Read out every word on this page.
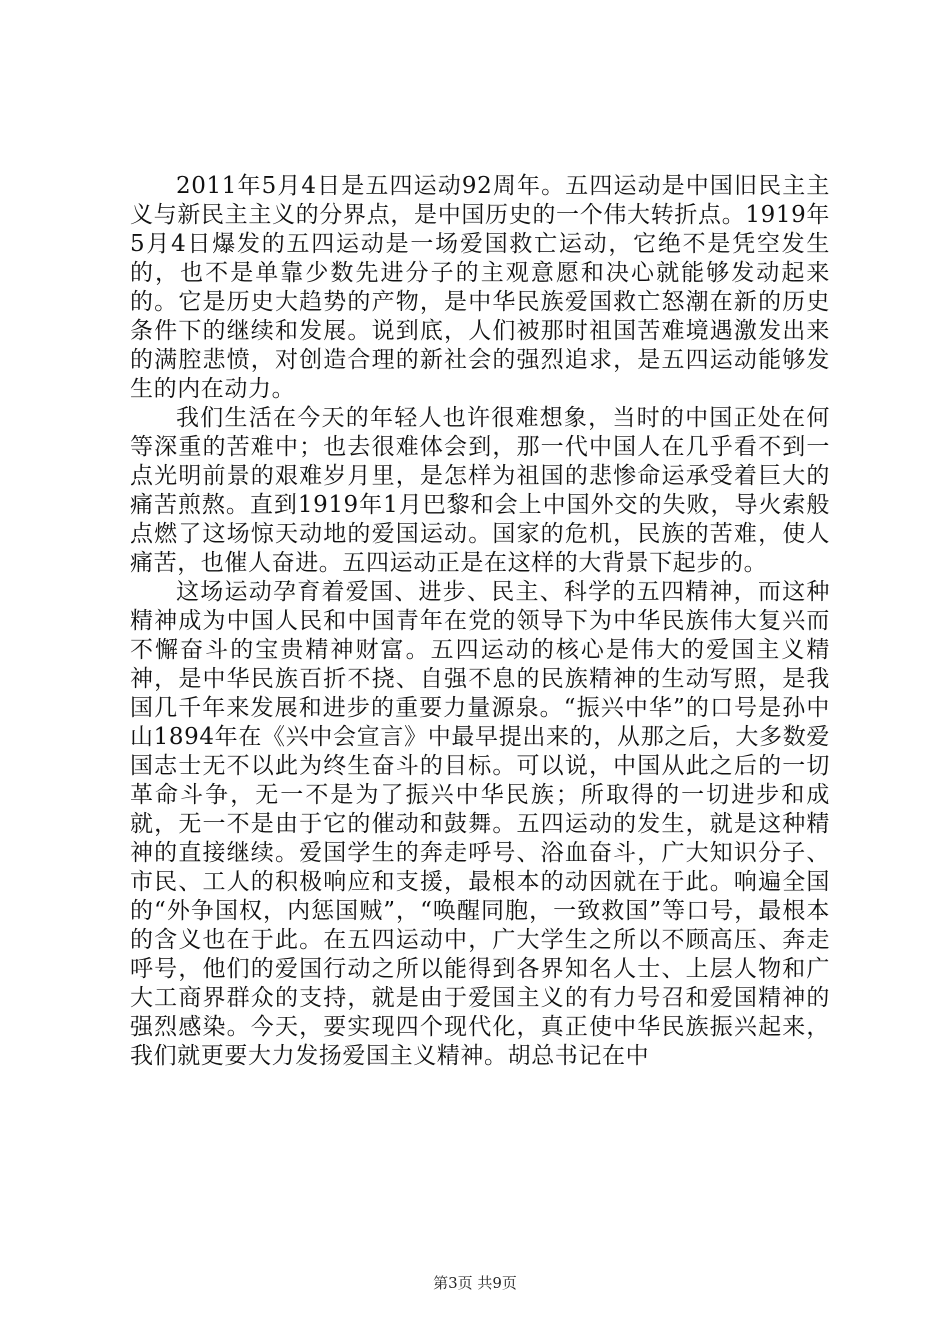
2011年5月4日是五四运动92周年。五四运动是中国旧民主主义与新民主主义的分界点，是中国历史的一个伟大转折点。1919年5月4日爆发的五四运动是一场爱国救亡运动，它绝不是凭空发生的，也不是单靠少数先进分子的主观意愿和决心就能够发动起来的。它是历史大趋势的产物，是中华民族爱国救亡怒潮在新的历史条件下的继续和发展。说到底，人们被那时祖国苦难境遇激发出来的满腔悲愤，对创造合理的新社会的强烈追求，是五四运动能够发生的内在动力。

我们生活在今天的年轻人也许很难想象，当时的中国正处在何等深重的苦难中；也去很难体会到，那一代中国人在几乎看不到一点光明前景的艰难岁月里，是怎样为祖国的悲惨命运承受着巨大的痛苦煎熬。直到1919年1月巴黎和会上中国外交的失败，导火索般点燃了这场惊天动地的爱国运动。国家的危机，民族的苦难，使人痛苦，也催人奋进。五四运动正是在这样的大背景下起步的。

这场运动孕育着爱国、进步、民主、科学的五四精神，而这种精神成为中国人民和中国青年在党的领导下为中华民族伟大复兴而不懈奋斗的宝贵精神财富。五四运动的核心是伟大的爱国主义精神，是中华民族百折不挠、自强不息的民族精神的生动写照，是我国几千年来发展和进步的重要力量源泉。“振兴中华”的口号是孙中山1894年在《兴中会宣言》中最早提出来的，从那之后，大多数爱国志士无不以此为终生奋斗的目标。可以说，中国从此之后的一切革命斗争，无一不是为了振兴中华民族；所取得的一切进步和成就，无一不是由于它的催动和鼓舞。五四运动的发生，就是这种精神的直接继续。爱国学生的奔走呼号、浴血奋斗，广大知识分子、市民、工人的积极响应和支援，最根本的动因就在于此。响遍全国的“外争国权，内惩国贼”，“唤醒同胞，一致救国”等口号，最根本的含义也在于此。在五四运动中，广大学生之所以不顾高压、奔走呼号，他们的爱国行动之所以能得到各界知名人士、上层人物和广大工商界群众的支持，就是由于爱国主义的有力号召和爱国精神的强烈感染。今天，要实现四个现代化，真正使中华民族振兴起来，我们就更要大力发扬爱国主义精神。胡总书记在中

第3页 共9页
